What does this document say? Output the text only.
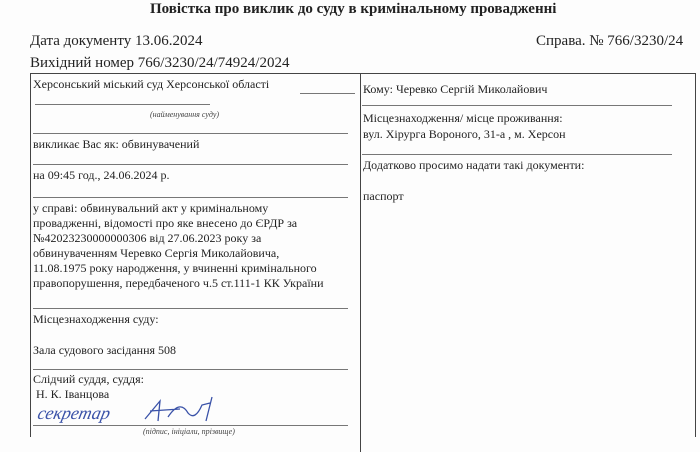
Повістка про виклик до суду в кримінальному провадженні
Дата документу 13.06.2024	Справа. № 766/3230/24
Вихідний номер 766/3230/24/74924/2024
Херсонський міський суд Херсонської області
(найменування суду)
викликає Вас як: обвинувачений
на 09:45 год., 24.06.2024 р.
у справі: обвинувальний акт у кримінальному
провадженні, відомості про яке внесено до ЄРДР за
№42023230000000306 від 27.06.2023 року за
обвинуваченням Черевко Сергія Миколайовича,
11.08.1975 року народження, у вчиненні кримінального
правопорушення, передбаченого ч.5 ст.111-1 КК України
Місцезнаходження суду:
Зала судового засідання 508
Слідчий суддя, суддя:
Н. К. Іванцова
секретар
(підпис, ініціали, прізвище)
Кому: Черевко Сергій Миколайович
Місцезнаходження/ місце проживання:
вул. Хірурга Вороного, 31-а , м. Херсон
Додатково просимо надати такі документи:
паспорт
